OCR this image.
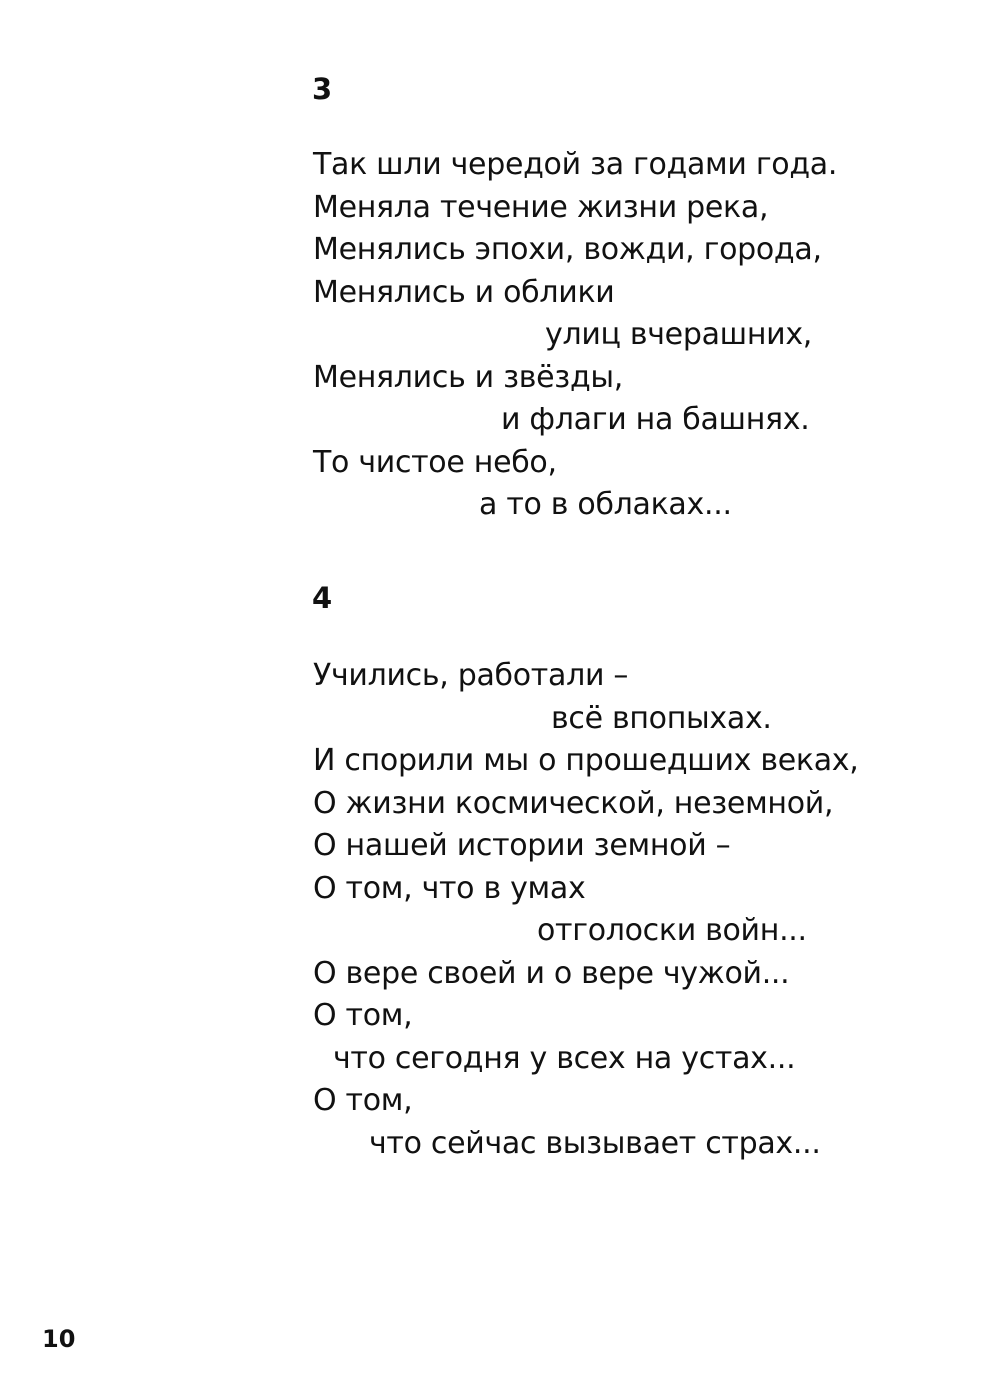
3
Так шли чередой за годами года.
Меняла течение жизни река,
Менялись эпохи, вожди, города,
Менялись и облики
улиц вчерашних,
Менялись и звёзды,
и флаги на башнях.
То чистое небо,
а то в облаках...
4
Учились, работали –
всё впопыхах.
И спорили мы о прошедших веках,
О жизни космической, неземной,
О нашей истории земной –
О том, что в умах
отголоски войн...
О вере своей и о вере чужой...
О том,
что сегодня у всех на устах...
О том,
что сейчас вызывает страх...
10
